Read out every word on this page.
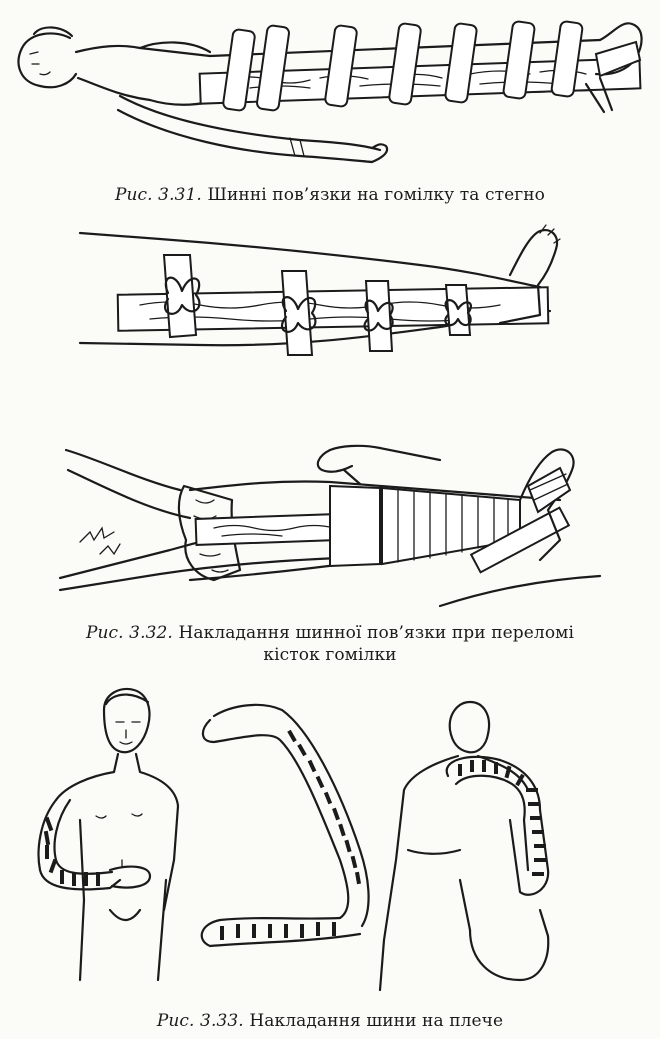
Рис. 3.31. Шинні пов’язки на гомілку та стегно
Рис. 3.32. Накладання шинної пов’язки при переломі
кісток гомілки
Рис. 3.33. Накладання шини на плече
